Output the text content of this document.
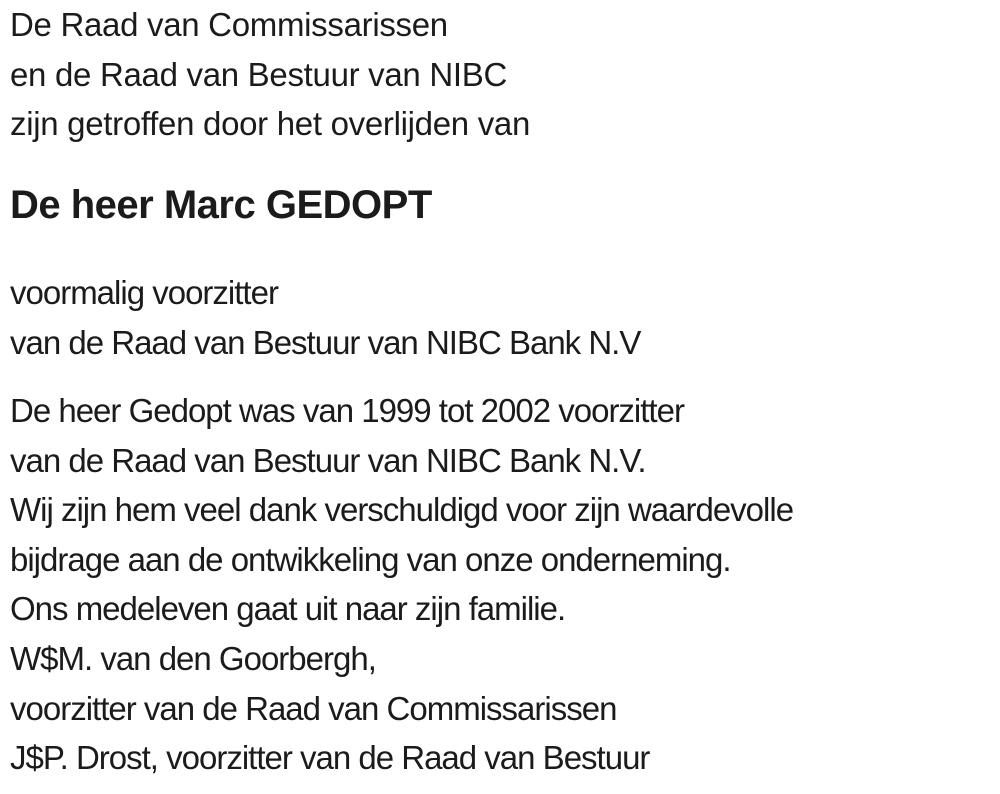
De Raad van Commissarissen
en de Raad van Bestuur van NIBC
zijn getroffen door het overlijden van
De heer Marc GEDOPT
voormalig voorzitter
van de Raad van Bestuur van NIBC Bank N.V
De heer Gedopt was van 1999 tot 2002 voorzitter
van de Raad van Bestuur van NIBC Bank N.V.
Wij zijn hem veel dank verschuldigd voor zijn waardevolle
bijdrage aan de ontwikkeling van onze onderneming.
Ons medeleven gaat uit naar zijn familie.
W$M. van den Goorbergh,
voorzitter van de Raad van Commissarissen
J$P. Drost, voorzitter van de Raad van Bestuur
